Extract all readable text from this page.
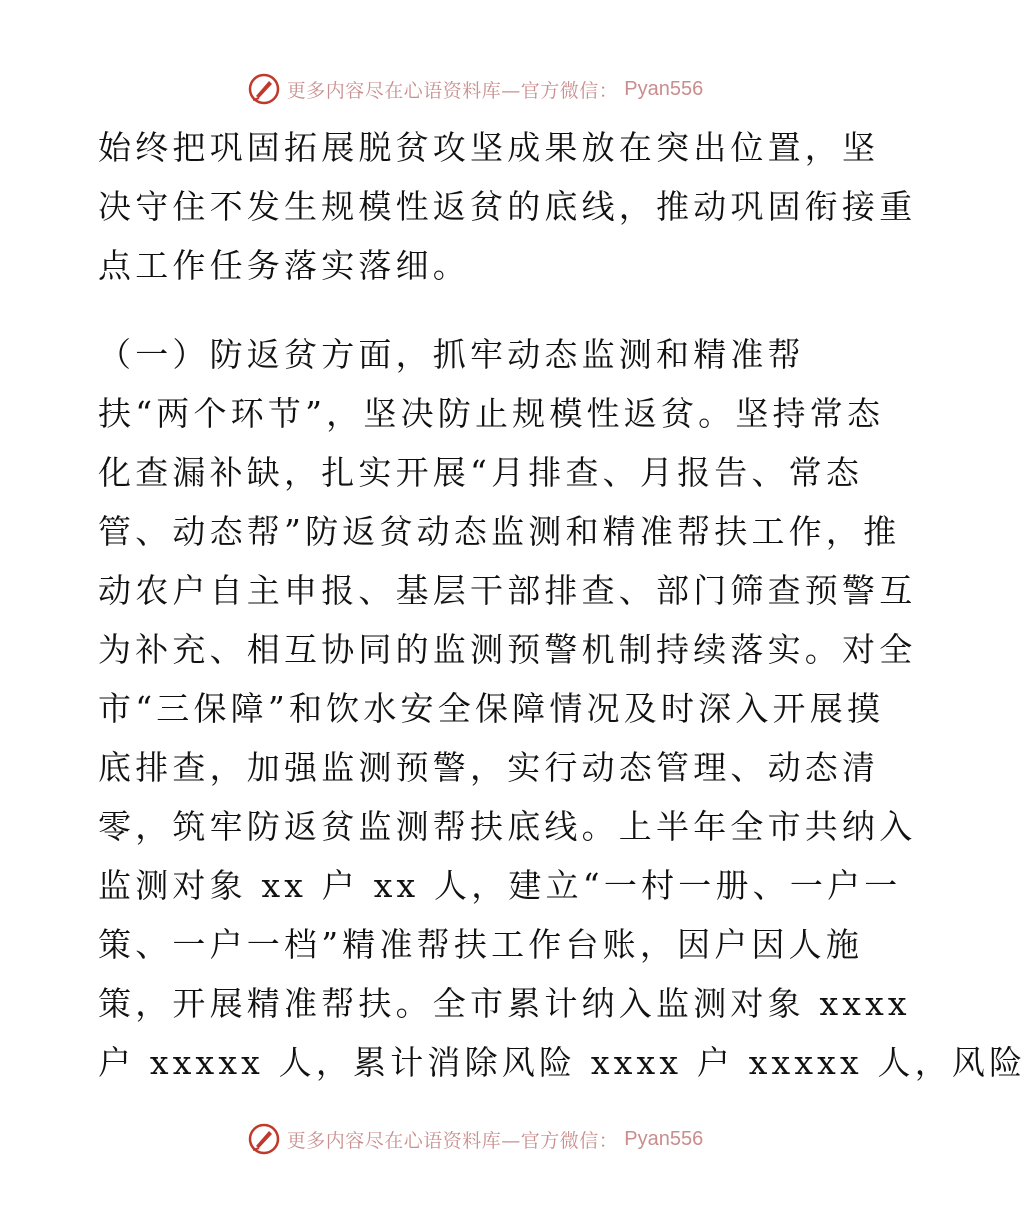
更多内容尽在心语资料库—官方微信： Pyan556
始终把巩固拓展脱贫攻坚成果放在突出位置，坚
决守住不发生规模性返贫的底线，推动巩固衔接重
点工作任务落实落细。
（一）防返贫方面，抓牢动态监测和精准帮
扶“两个环节”，坚决防止规模性返贫。坚持常态
化查漏补缺，扎实开展“月排查、月报告、常态
管、动态帮”防返贫动态监测和精准帮扶工作，推
动农户自主申报、基层干部排查、部门筛查预警互
为补充、相互协同的监测预警机制持续落实。对全
市“三保障”和饮水安全保障情况及时深入开展摸
底排查，加强监测预警，实行动态管理、动态清
零，筑牢防返贫监测帮扶底线。上半年全市共纳入
监测对象 xx 户 xx 人，建立“一村一册、一户一
策、一户一档”精准帮扶工作台账，因户因人施
策，开展精准帮扶。全市累计纳入监测对象 xxxx
户 xxxxx 人，累计消除风险 xxxx 户 xxxxx 人，风险
更多内容尽在心语资料库—官方微信： Pyan556
